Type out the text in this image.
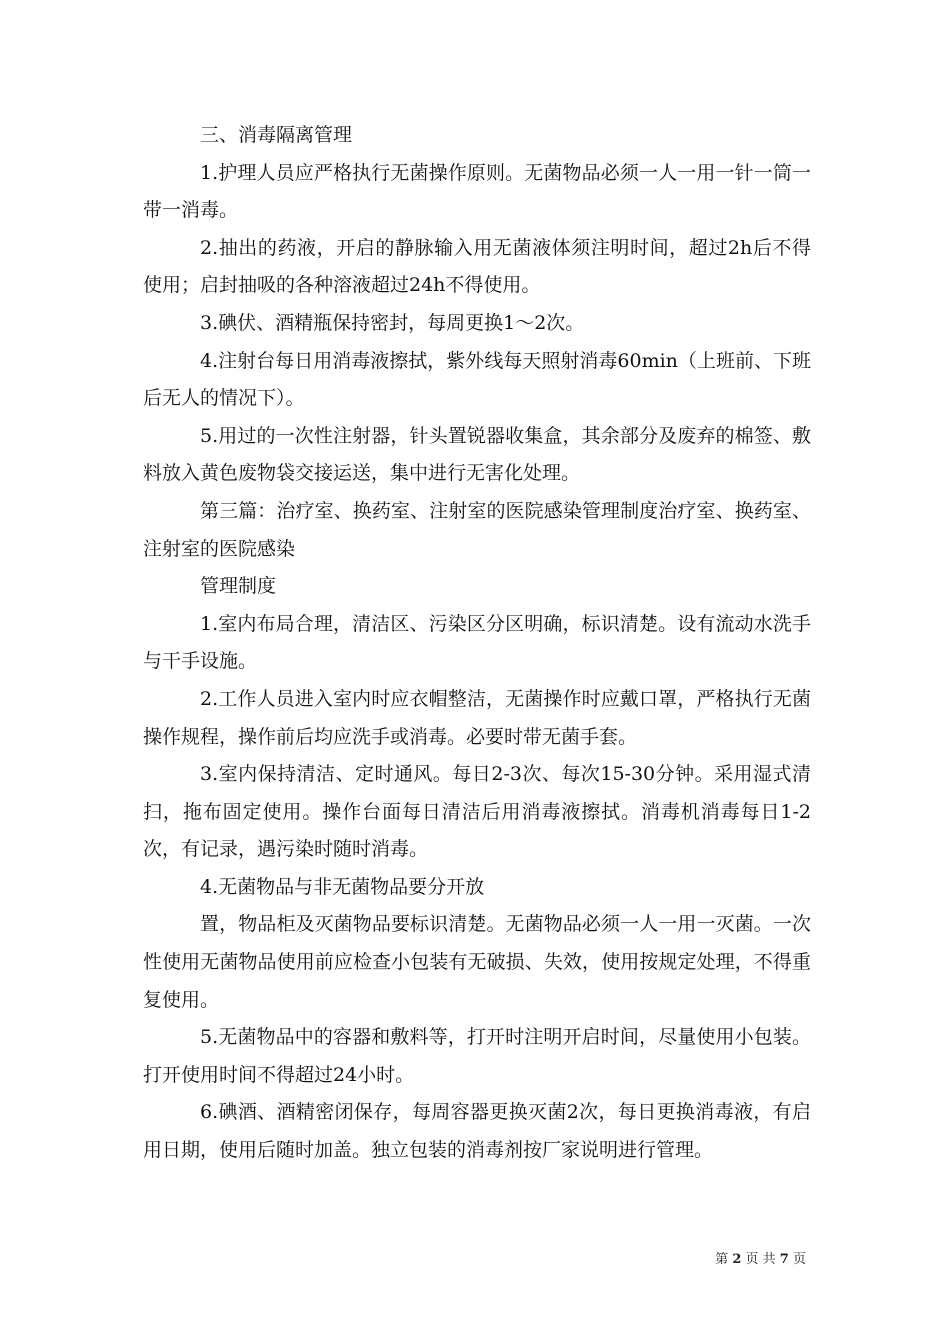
三、消毒隔离管理

1.护理人员应严格执行无菌操作原则。无菌物品必须一人一用一针一筒一带一消毒。

2.抽出的药液，开启的静脉输入用无菌液体须注明时间，超过2h后不得使用；启封抽吸的各种溶液超过24h不得使用。

3.碘伏、酒精瓶保持密封，每周更换1～2次。

4.注射台每日用消毒液擦拭，紫外线每天照射消毒60min（上班前、下班后无人的情况下）。

5.用过的一次性注射器，针头置锐器收集盒，其余部分及废弃的棉签、敷料放入黄色废物袋交接运送，集中进行无害化处理。

第三篇：治疗室、换药室、注射室的医院感染管理制度治疗室、换药室、注射室的医院感染

管理制度

1.室内布局合理，清洁区、污染区分区明确，标识清楚。设有流动水洗手与干手设施。

2.工作人员进入室内时应衣帽整洁，无菌操作时应戴口罩，严格执行无菌操作规程，操作前后均应洗手或消毒。必要时带无菌手套。

3.室内保持清洁、定时通风。每日2-3次、每次15-30分钟。采用湿式清扫，拖布固定使用。操作台面每日清洁后用消毒液擦拭。消毒机消毒每日1-2次，有记录，遇污染时随时消毒。

4.无菌物品与非无菌物品要分开放

置，物品柜及灭菌物品要标识清楚。无菌物品必须一人一用一灭菌。一次性使用无菌物品使用前应检查小包装有无破损、失效，使用按规定处理，不得重复使用。

5.无菌物品中的容器和敷料等，打开时注明开启时间，尽量使用小包装。打开使用时间不得超过24小时。

6.碘酒、酒精密闭保存，每周容器更换灭菌2次，每日更换消毒液，有启用日期，使用后随时加盖。独立包装的消毒剂按厂家说明进行管理。

第 2 页 共 7 页
